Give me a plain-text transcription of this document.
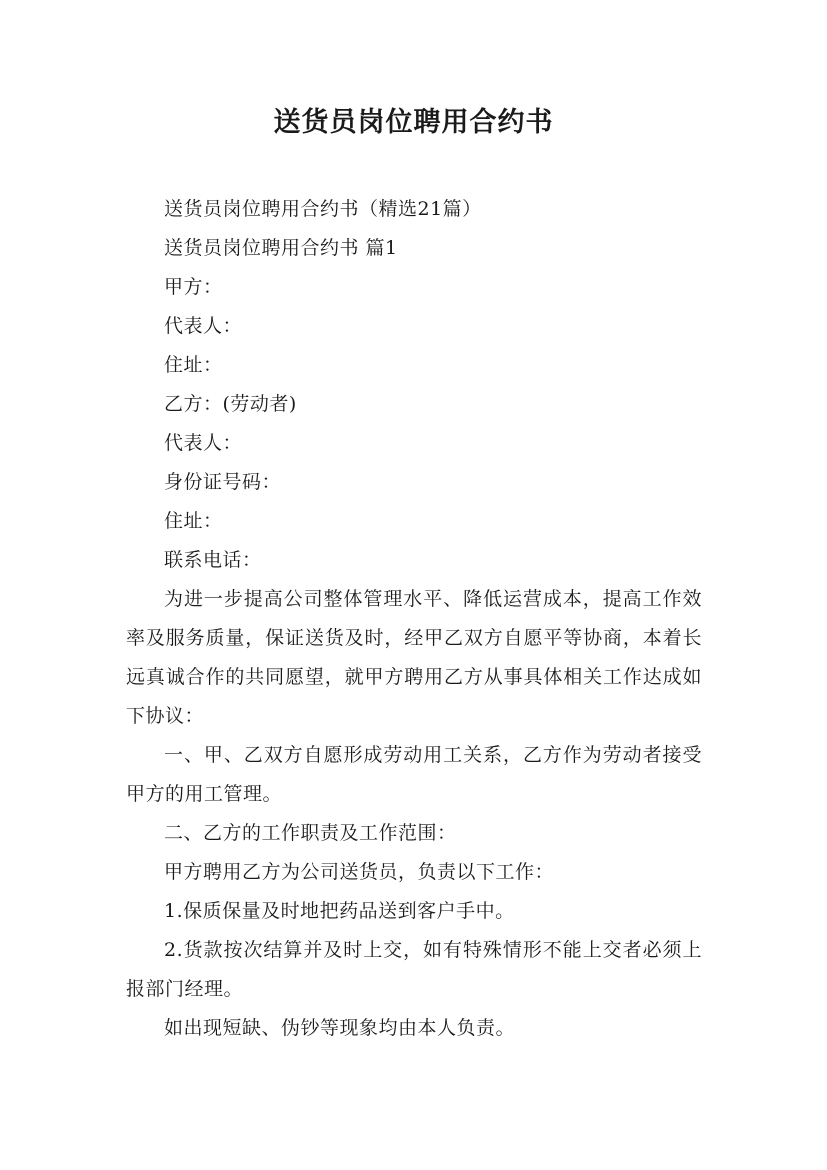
送货员岗位聘用合约书

送货员岗位聘用合约书（精选21篇）

送货员岗位聘用合约书 篇1

甲方：

代表人：

住址：

乙方：(劳动者)

代表人：

身份证号码：

住址：

联系电话：

为进一步提高公司整体管理水平、降低运营成本，提高工作效率及服务质量，保证送货及时，经甲乙双方自愿平等协商，本着长远真诚合作的共同愿望，就甲方聘用乙方从事具体相关工作达成如下协议：

一、甲、乙双方自愿形成劳动用工关系，乙方作为劳动者接受甲方的用工管理。

二、乙方的工作职责及工作范围：

甲方聘用乙方为公司送货员，负责以下工作：

1.保质保量及时地把药品送到客户手中。

2.货款按次结算并及时上交，如有特殊情形不能上交者必须上报部门经理。

如出现短缺、伪钞等现象均由本人负责。
